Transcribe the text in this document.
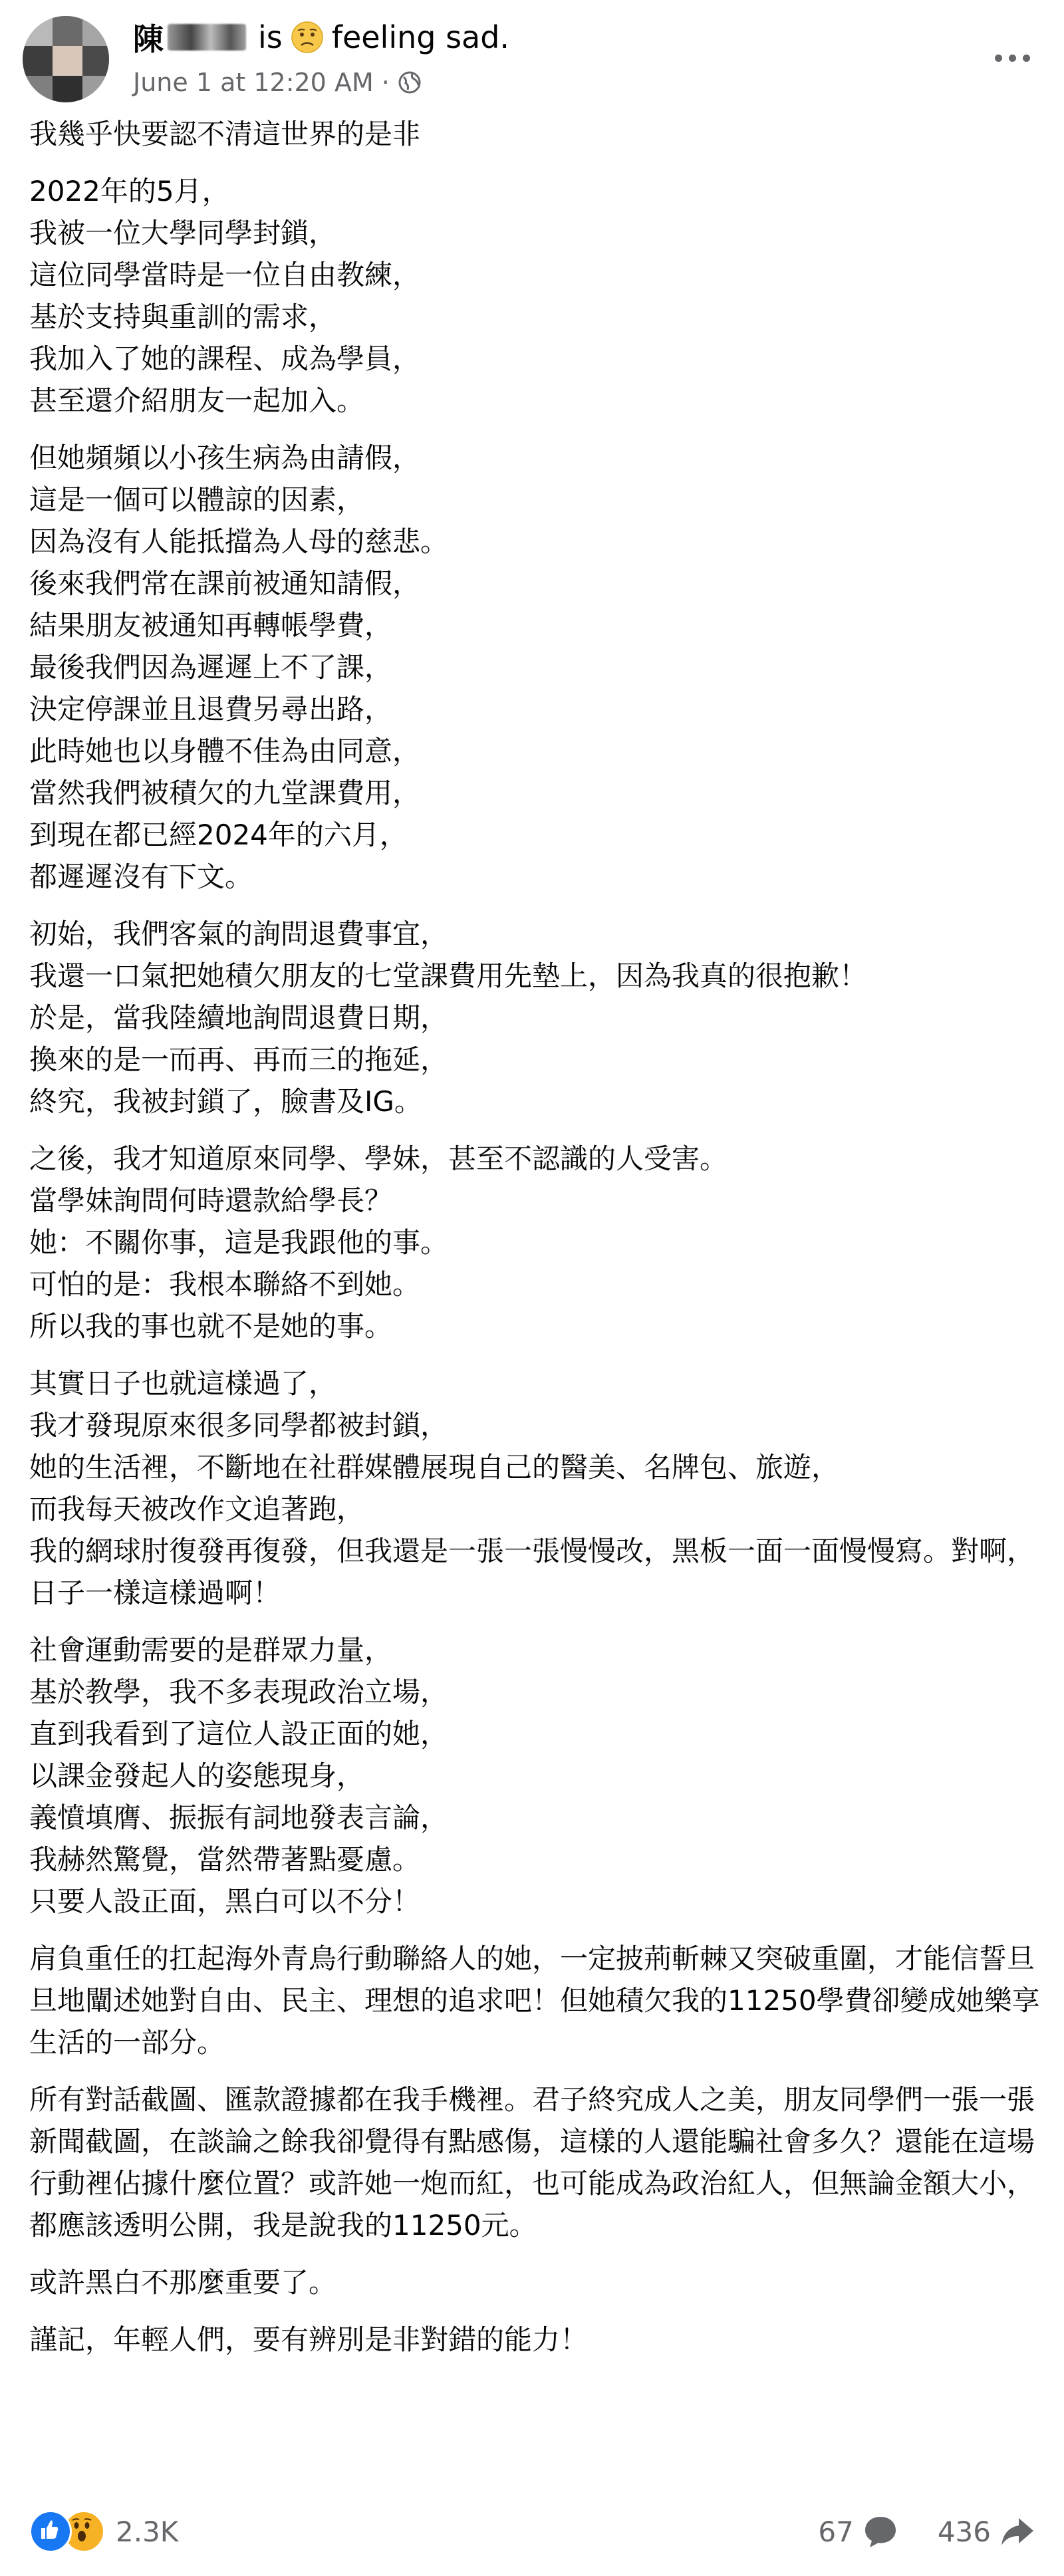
陳	is feeling sad.
June 1 at 12:20 AM ·

我幾乎快要認不清這世界的是非

2022年的5月，
我被一位大學同學封鎖，
這位同學當時是一位自由教練，
基於支持與重訓的需求，
我加入了她的課程、成為學員，
甚至還介紹朋友一起加入。

但她頻頻以小孩生病為由請假，
這是一個可以體諒的因素，
因為沒有人能抵擋為人母的慈悲。
後來我們常在課前被通知請假，
結果朋友被通知再轉帳學費，
最後我們因為遲遲上不了課，
決定停課並且退費另尋出路，
此時她也以身體不佳為由同意，
當然我們被積欠的九堂課費用，
到現在都已經2024年的六月，
都遲遲沒有下文。

初始，我們客氣的詢問退費事宜，
我還一口氣把她積欠朋友的七堂課費用先墊上，因為我真的很抱歉！
於是，當我陸續地詢問退費日期，
換來的是一而再、再而三的拖延，
終究，我被封鎖了，臉書及IG。

之後，我才知道原來同學、學妹，甚至不認識的人受害。
當學妹詢問何時還款給學長？
她：不關你事，這是我跟他的事。
可怕的是：我根本聯絡不到她。
所以我的事也就不是她的事。

其實日子也就這樣過了，
我才發現原來很多同學都被封鎖，
她的生活裡，不斷地在社群媒體展現自己的醫美、名牌包、旅遊，
而我每天被改作文追著跑，
我的網球肘復發再復發，但我還是一張一張慢慢改，黑板一面一面慢慢寫。對啊，日子一樣這樣過啊！

社會運動需要的是群眾力量，
基於教學，我不多表現政治立場，
直到我看到了這位人設正面的她，
以課金發起人的姿態現身，
義憤填膺、振振有詞地發表言論，
我赫然驚覺，當然帶著點憂慮。
只要人設正面，黑白可以不分！

肩負重任的扛起海外青鳥行動聯絡人的她，一定披荊斬棘又突破重圍，才能信誓旦旦地闡述她對自由、民主、理想的追求吧！但她積欠我的11250學費卻變成她樂享生活的一部分。

所有對話截圖、匯款證據都在我手機裡。君子終究成人之美，朋友同學們一張一張新聞截圖，在談論之餘我卻覺得有點感傷，這樣的人還能騙社會多久？還能在這場行動裡佔據什麼位置？或許她一炮而紅，也可能成為政治紅人，但無論金額大小，都應該透明公開，我是說我的11250元。

或許黑白不那麼重要了。

謹記，年輕人們，要有辨別是非對錯的能力！

2.3K	67	436
